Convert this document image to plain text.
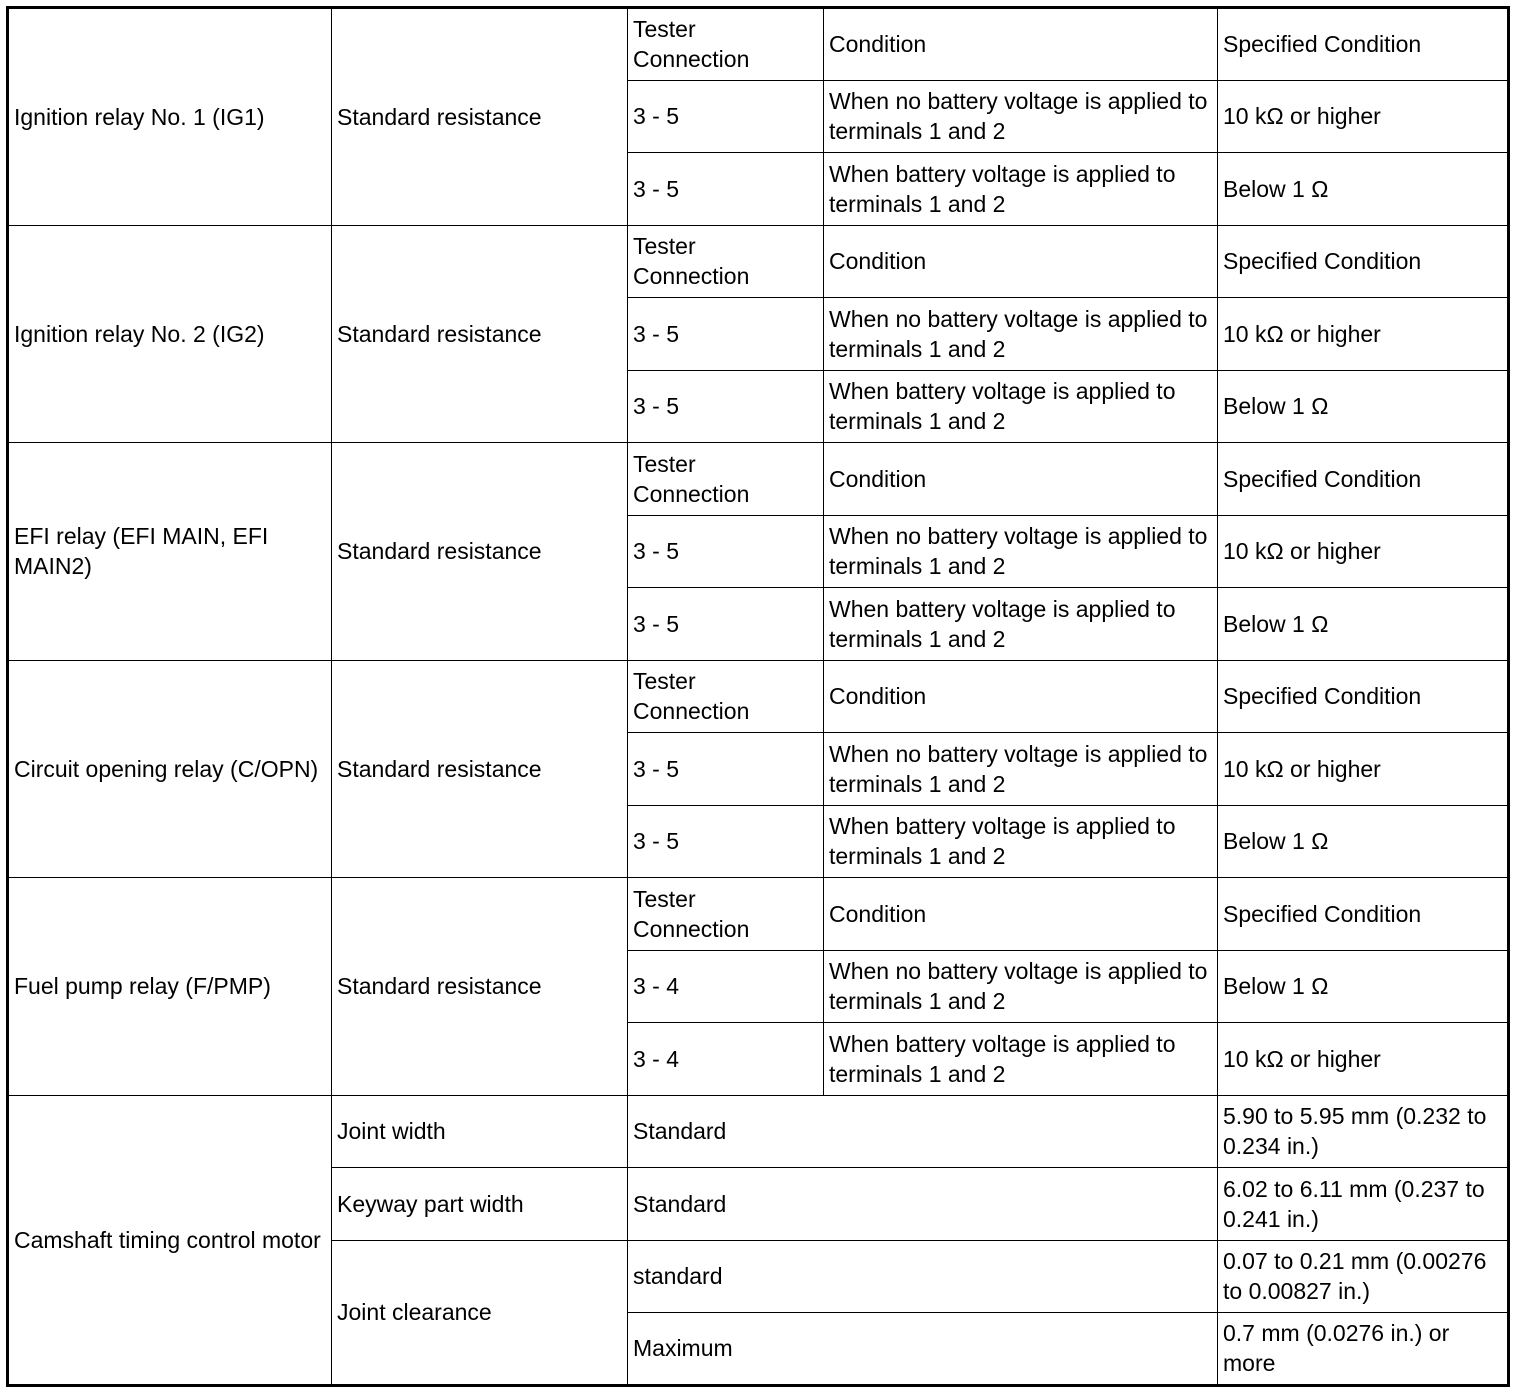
Ignition relay No. 1 (IG1)	Standard resistance	Tester Connection	Condition	Specified Condition
		3 - 5	When no battery voltage is applied to terminals 1 and 2	10 kΩ or higher
		3 - 5	When battery voltage is applied to terminals 1 and 2	Below 1 Ω
Ignition relay No. 2 (IG2)	Standard resistance	Tester Connection	Condition	Specified Condition
		3 - 5	When no battery voltage is applied to terminals 1 and 2	10 kΩ or higher
		3 - 5	When battery voltage is applied to terminals 1 and 2	Below 1 Ω
EFI relay (EFI MAIN, EFI MAIN2)	Standard resistance	Tester Connection	Condition	Specified Condition
		3 - 5	When no battery voltage is applied to terminals 1 and 2	10 kΩ or higher
		3 - 5	When battery voltage is applied to terminals 1 and 2	Below 1 Ω
Circuit opening relay (C/OPN)	Standard resistance	Tester Connection	Condition	Specified Condition
		3 - 5	When no battery voltage is applied to terminals 1 and 2	10 kΩ or higher
		3 - 5	When battery voltage is applied to terminals 1 and 2	Below 1 Ω
Fuel pump relay (F/PMP)	Standard resistance	Tester Connection	Condition	Specified Condition
		3 - 4	When no battery voltage is applied to terminals 1 and 2	Below 1 Ω
		3 - 4	When battery voltage is applied to terminals 1 and 2	10 kΩ or higher
Camshaft timing control motor	Joint width	Standard		5.90 to 5.95 mm (0.232 to 0.234 in.)
	Keyway part width	Standard		6.02 to 6.11 mm (0.237 to 0.241 in.)
	Joint clearance	standard		0.07 to 0.21 mm (0.00276 to 0.00827 in.)
		Maximum		0.7 mm (0.0276 in.) or more
